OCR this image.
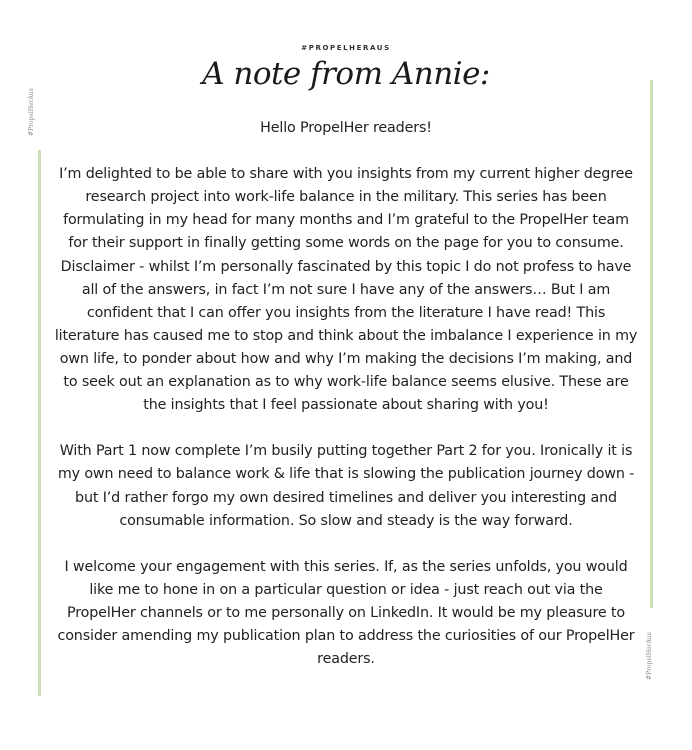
#PROPELHERAUS
A note from Annie:
#PropelHerAus
#PropelHerAus

Hello PropelHer readers!

I’m delighted to be able to share with you insights from my current higher degree research project into work-life balance in the military. This series has been formulating in my head for many months and I’m grateful to the PropelHer team for their support in finally getting some words on the page for you to consume. Disclaimer - whilst I’m personally fascinated by this topic I do not profess to have all of the answers, in fact I’m not sure I have any of the answers… But I am confident that I can offer you insights from the literature I have read! This literature has caused me to stop and think about the imbalance I experience in my own life, to ponder about how and why I’m making the decisions I’m making, and to seek out an explanation as to why work-life balance seems elusive. These are the insights that I feel passionate about sharing with you!

With Part 1 now complete I’m busily putting together Part 2 for you. Ironically it is my own need to balance work & life that is slowing the publication journey down - but I’d rather forgo my own desired timelines and deliver you interesting and consumable information. So slow and steady is the way forward.

I welcome your engagement with this series. If, as the series unfolds, you would like me to hone in on a particular question or idea - just reach out via the PropelHer channels or to me personally on LinkedIn. It would be my pleasure to consider amending my publication plan to address the curiosities of our PropelHer readers.
